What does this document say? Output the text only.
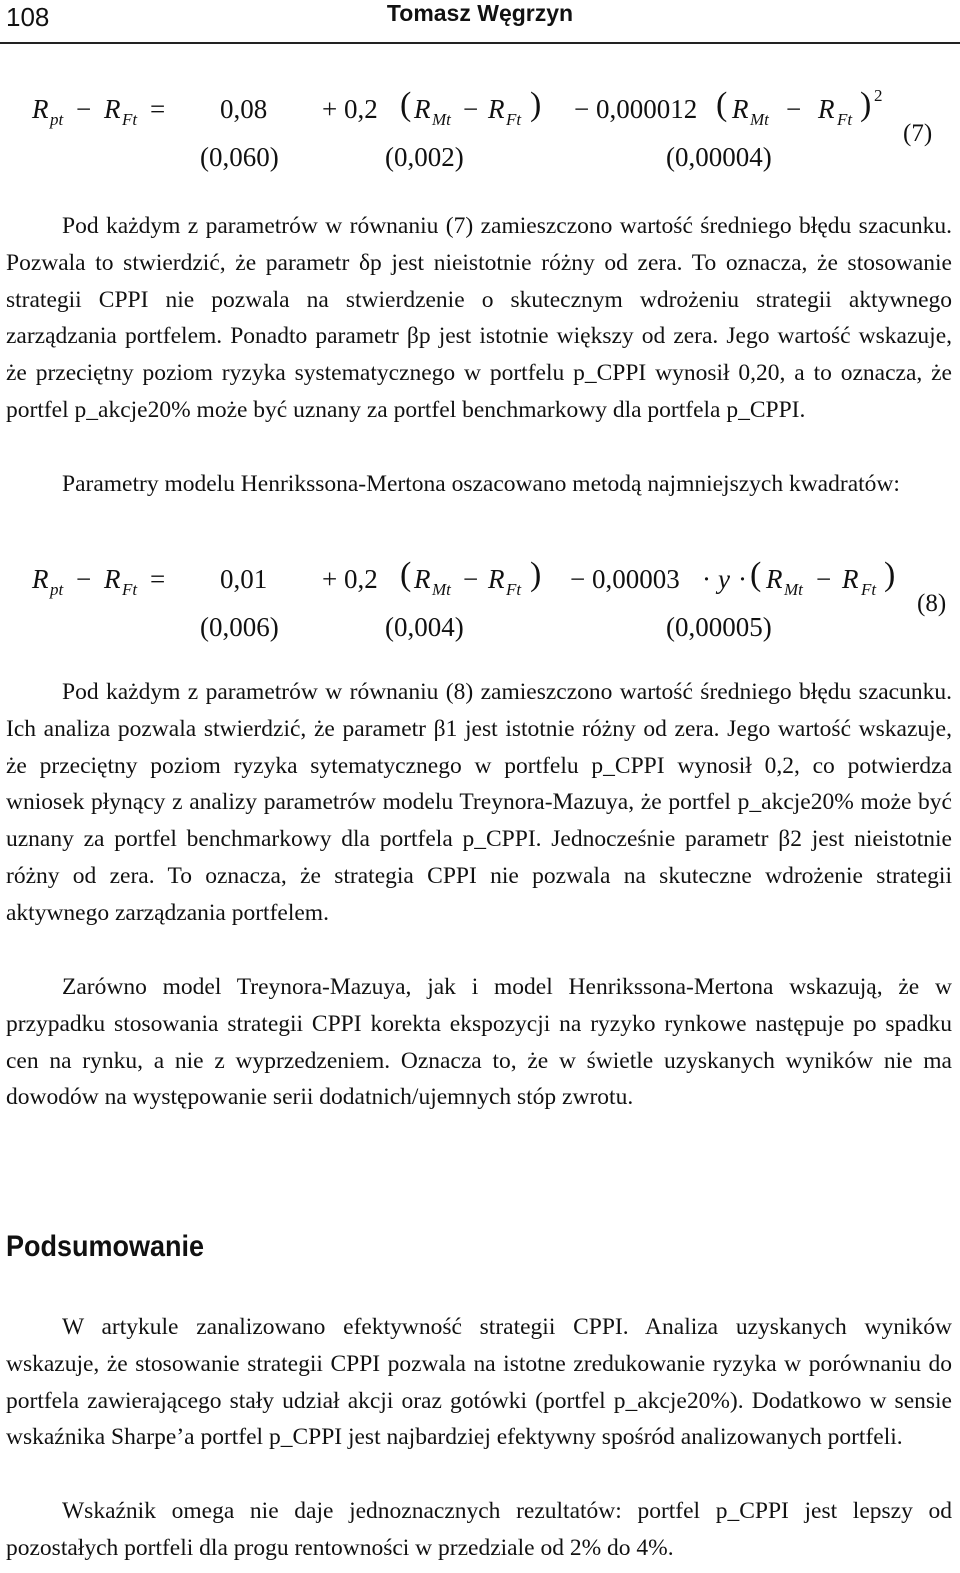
108	Tomasz Węgrzyn
R pt − R Ft = 0,08 + 0,2 ( R Mt − R Ft ) − 0,000012 ( R Mt − R Ft ) 2
(0,060)	(0,002)	(0,00004)
(7)

Pod każdym z parametrów w równaniu (7) zamieszczono wartość średniego błędu szacunku. Pozwala to stwierdzić, że parametr δp jest nieistotnie różny od zera. To oznacza, że stosowanie strategii CPPI nie pozwala na stwierdzenie o skutecznym wdrożeniu strategii aktywnego zarządzania portfelem. Ponadto parametr βp jest istotnie większy od zera. Jego wartość wskazuje, że przeciętny poziom ryzyka systematycznego w portfelu p_CPPI wynosił 0,20, a to oznacza, że portfel p_akcje20% może być uznany za portfel benchmarkowy dla portfela p_CPPI.

Parametry modelu Henrikssona-Mertona oszacowano metodą najmniejszych kwadratów:

R pt − R Ft = 0,01 + 0,2 ( R Mt − R Ft ) − 0,00003 · y · ( R Mt − R Ft )
(0,006)	(0,004)	(0,00005)
(8)

Pod każdym z parametrów w równaniu (8) zamieszczono wartość średniego błędu szacunku. Ich analiza pozwala stwierdzić, że parametr β1 jest istotnie różny od zera. Jego wartość wskazuje, że przeciętny poziom ryzyka sytematycznego w portfelu p_CPPI wynosił 0,2, co potwierdza wniosek płynący z analizy parametrów modelu Treynora-Mazuya, że portfel p_akcje20% może być uznany za portfel benchmarkowy dla portfela p_CPPI. Jednocześnie parametr β2 jest nieistotnie różny od zera. To oznacza, że strategia CPPI nie pozwala na skuteczne wdrożenie strategii aktywnego zarządzania portfelem.

Zarówno model Treynora-Mazuya, jak i model Henrikssona-Mertona wskazują, że w przypadku stosowania strategii CPPI korekta ekspozycji na ryzyko rynkowe następuje po spadku cen na rynku, a nie z wyprzedzeniem. Oznacza to, że w świetle uzyskanych wyników nie ma dowodów na występowanie serii dodatnich/ujemnych stóp zwrotu.

Podsumowanie

W artykule zanalizowano efektywność strategii CPPI. Analiza uzyskanych wyników wskazuje, że stosowanie strategii CPPI pozwala na istotne zredukowanie ryzyka w porównaniu do portfela zawierającego stały udział akcji oraz gotówki (portfel p_akcje20%). Dodatkowo w sensie wskaźnika Sharpe’a portfel p_CPPI jest najbardziej efektywny spośród analizowanych portfeli.

Wskaźnik omega nie daje jednoznacznych rezultatów: portfel p_CPPI jest lepszy od pozostałych portfeli dla progu rentowności w przedziale od 2% do 4%.
